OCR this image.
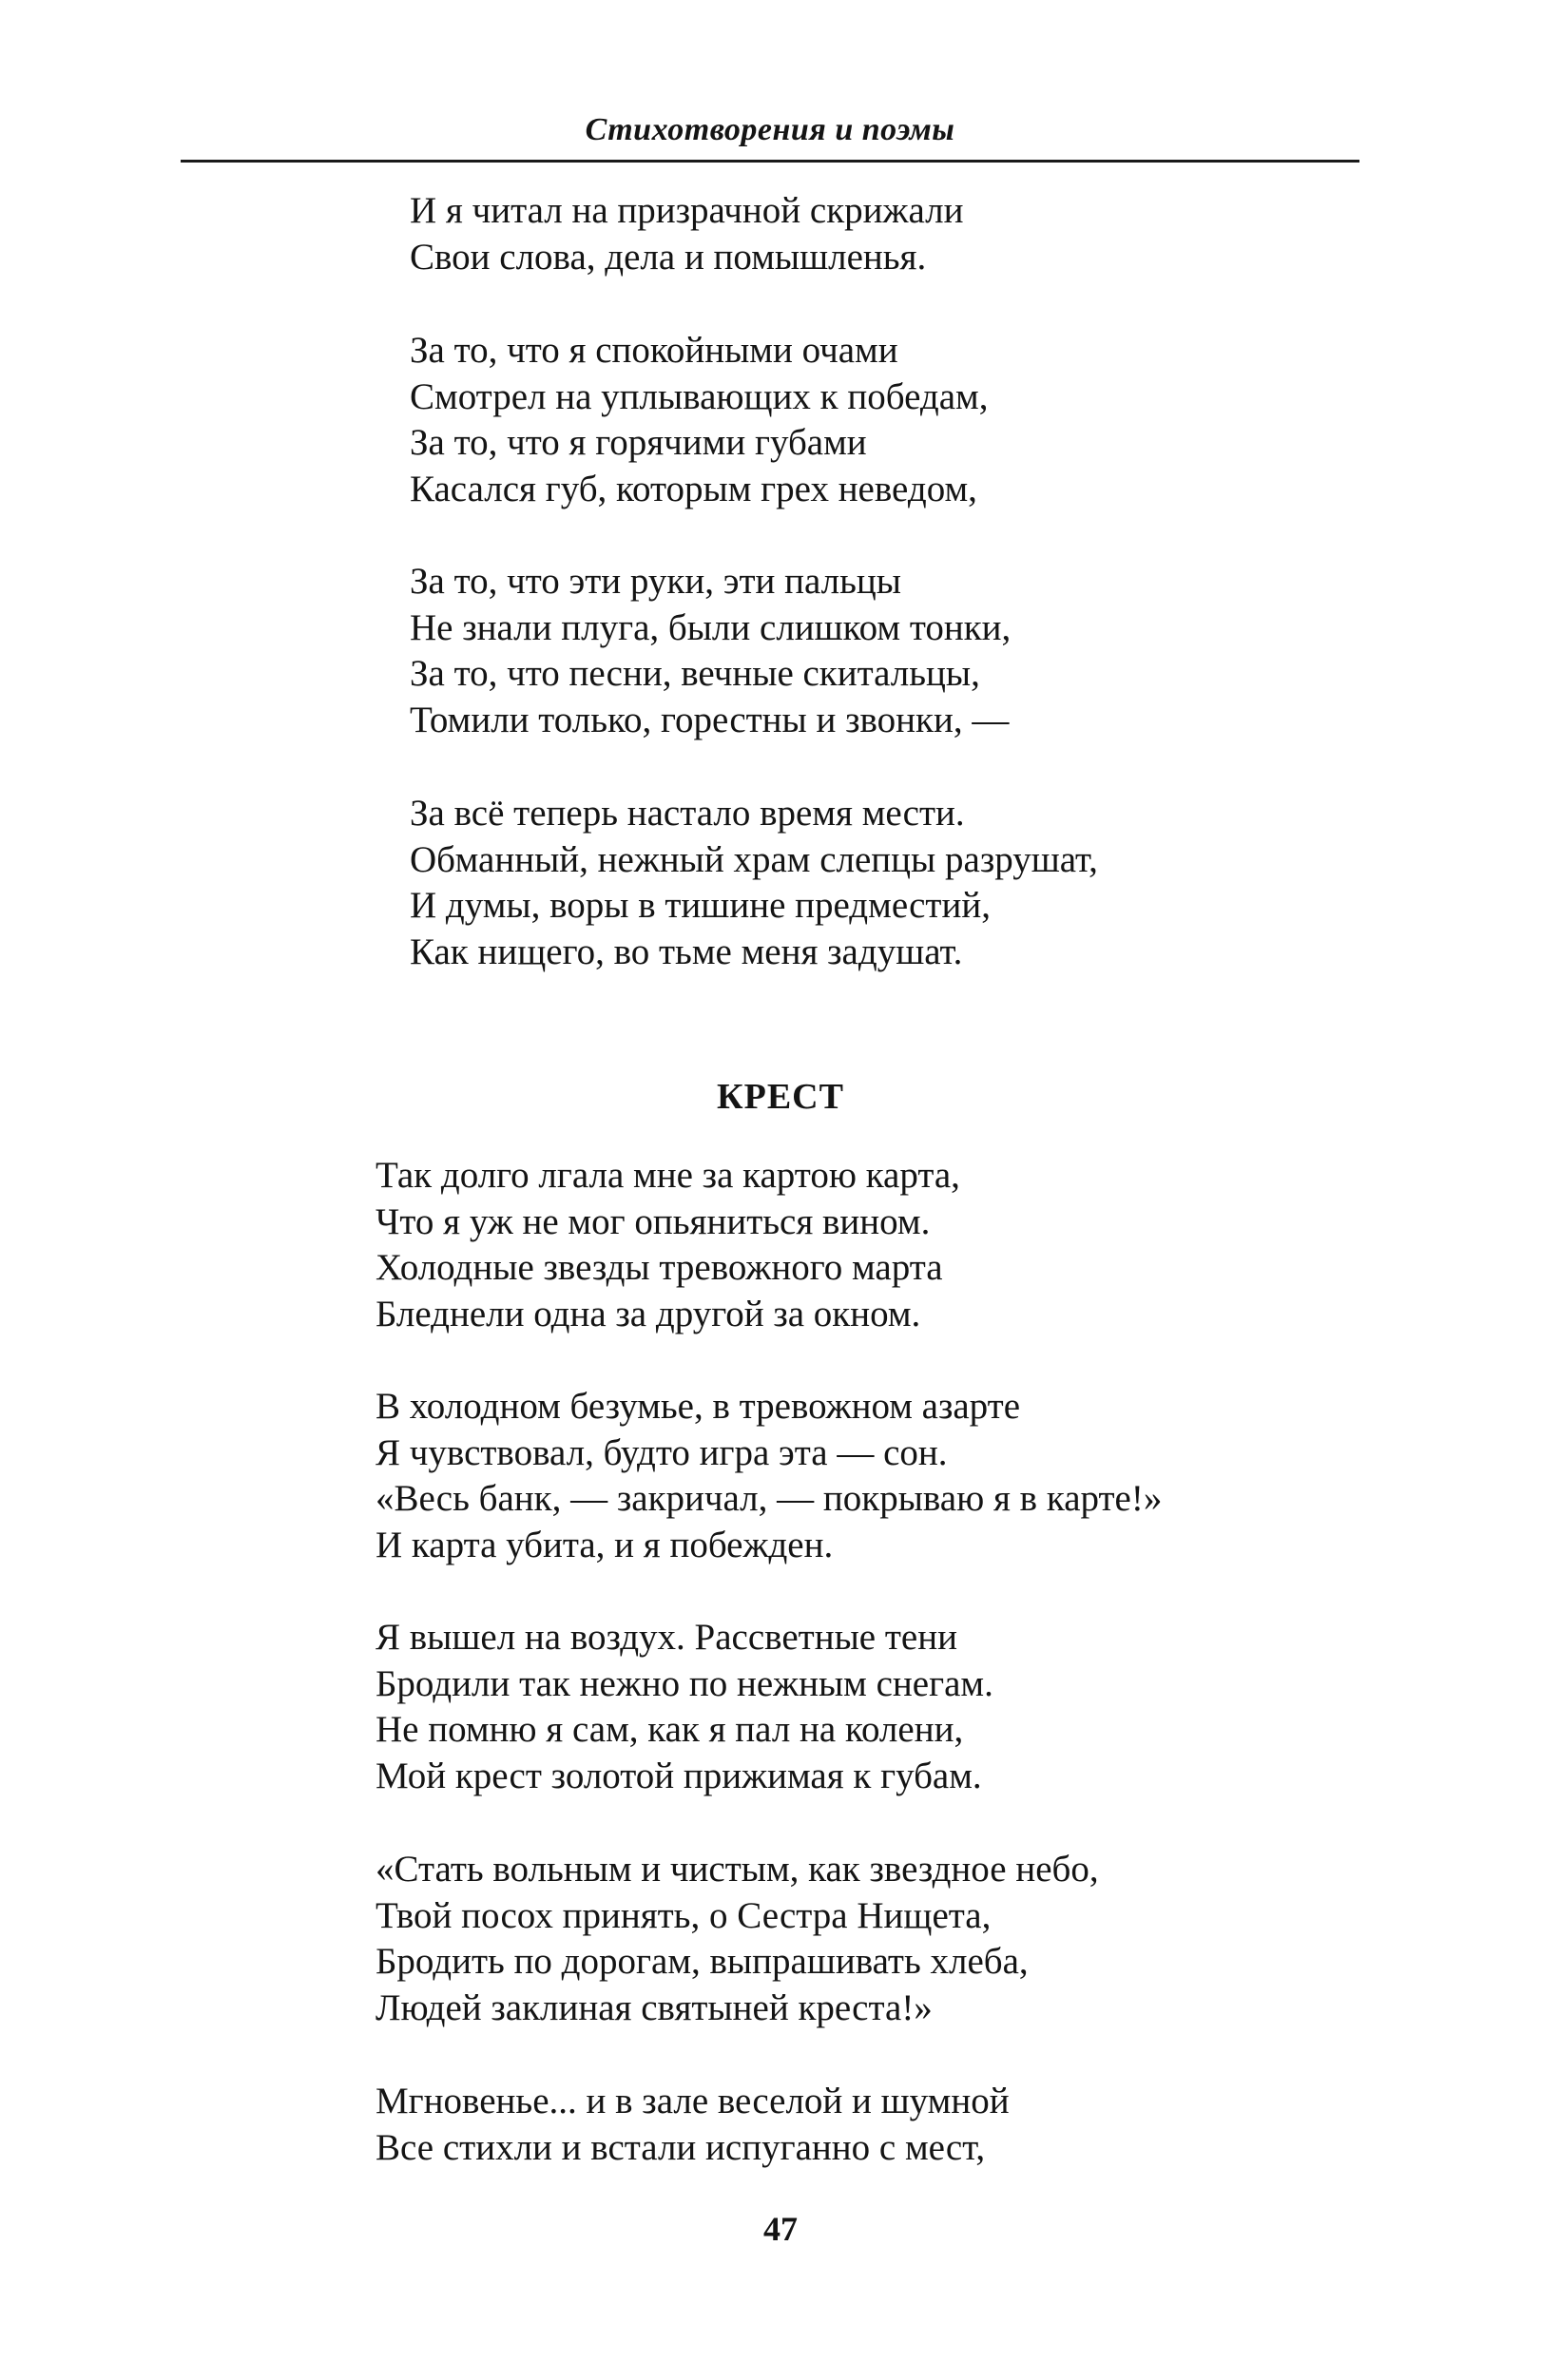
Стихотворения и поэмы
И я читал на призрачной скрижали
Свои слова, дела и помышленья.
За то, что я спокойными очами
Смотрел на уплывающих к победам,
За то, что я горячими губами
Касался губ, которым грех неведом,
За то, что эти руки, эти пальцы
Не знали плуга, были слишком тонки,
За то, что песни, вечные скитальцы,
Томили только, горестны и звонки, —
За всё теперь настало время мести.
Обманный, нежный храм слепцы разрушат,
И думы, воры в тишине предместий,
Как нищего, во тьме меня задушат.
КРЕСТ
Так долго лгала мне за картою карта,
Что я уж не мог опьяниться вином.
Холодные звезды тревожного марта
Бледнели одна за другой за окном.
В холодном безумье, в тревожном азарте
Я чувствовал, будто игра эта — сон.
«Весь банк, — закричал, — покрываю я в карте!»
И карта убита, и я побежден.
Я вышел на воздух. Рассветные тени
Бродили так нежно по нежным снегам.
Не помню я сам, как я пал на колени,
Мой крест золотой прижимая к губам.
«Стать вольным и чистым, как звездное небо,
Твой посох принять, о Сестра Нищета,
Бродить по дорогам, выпрашивать хлеба,
Людей заклиная святыней креста!»
Мгновенье... и в зале веселой и шумной
Все стихли и встали испуганно с мест,
47
